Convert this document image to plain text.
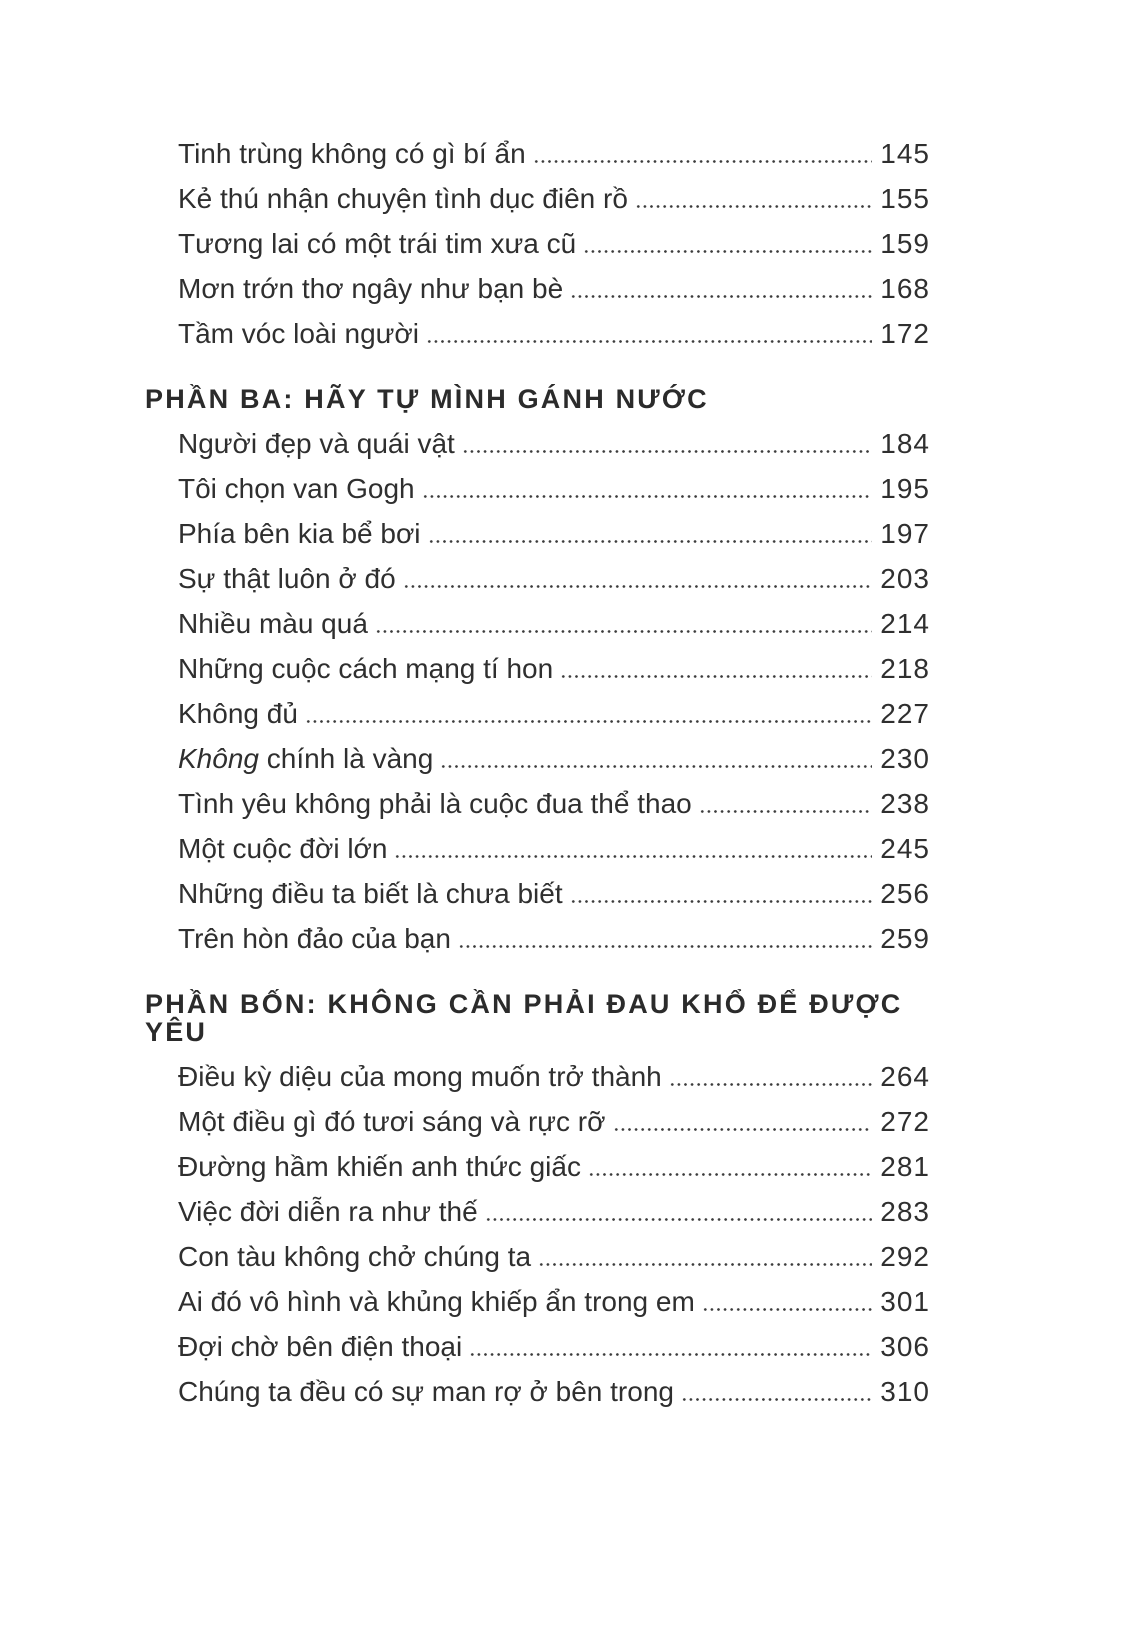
Tinh trùng không có gì bí ẩn	145
Kẻ thú nhận chuyện tình dục điên rồ	155
Tương lai có một trái tim xưa cũ	159
Mơn trớn thơ ngây như bạn bè	168
Tầm vóc loài người	172
PHẦN BA: HÃY TỰ MÌNH GÁNH NƯỚC
Người đẹp và quái vật	184
Tôi chọn van Gogh	195
Phía bên kia bể bơi	197
Sự thật luôn ở đó	203
Nhiều màu quá	214
Những cuộc cách mạng tí hon	218
Không đủ	227
Không chính là vàng	230
Tình yêu không phải là cuộc đua thể thao	238
Một cuộc đời lớn	245
Những điều ta biết là chưa biết	256
Trên hòn đảo của bạn	259
PHẦN BỐN: KHÔNG CẦN PHẢI ĐAU KHỔ ĐỂ ĐƯỢC YÊU
Điều kỳ diệu của mong muốn trở thành	264
Một điều gì đó tươi sáng và rực rỡ	272
Đường hầm khiến anh thức giấc	281
Việc đời diễn ra như thế	283
Con tàu không chở chúng ta	292
Ai đó vô hình và khủng khiếp ẩn trong em	301
Đợi chờ bên điện thoại	306
Chúng ta đều có sự man rợ ở bên trong	310
